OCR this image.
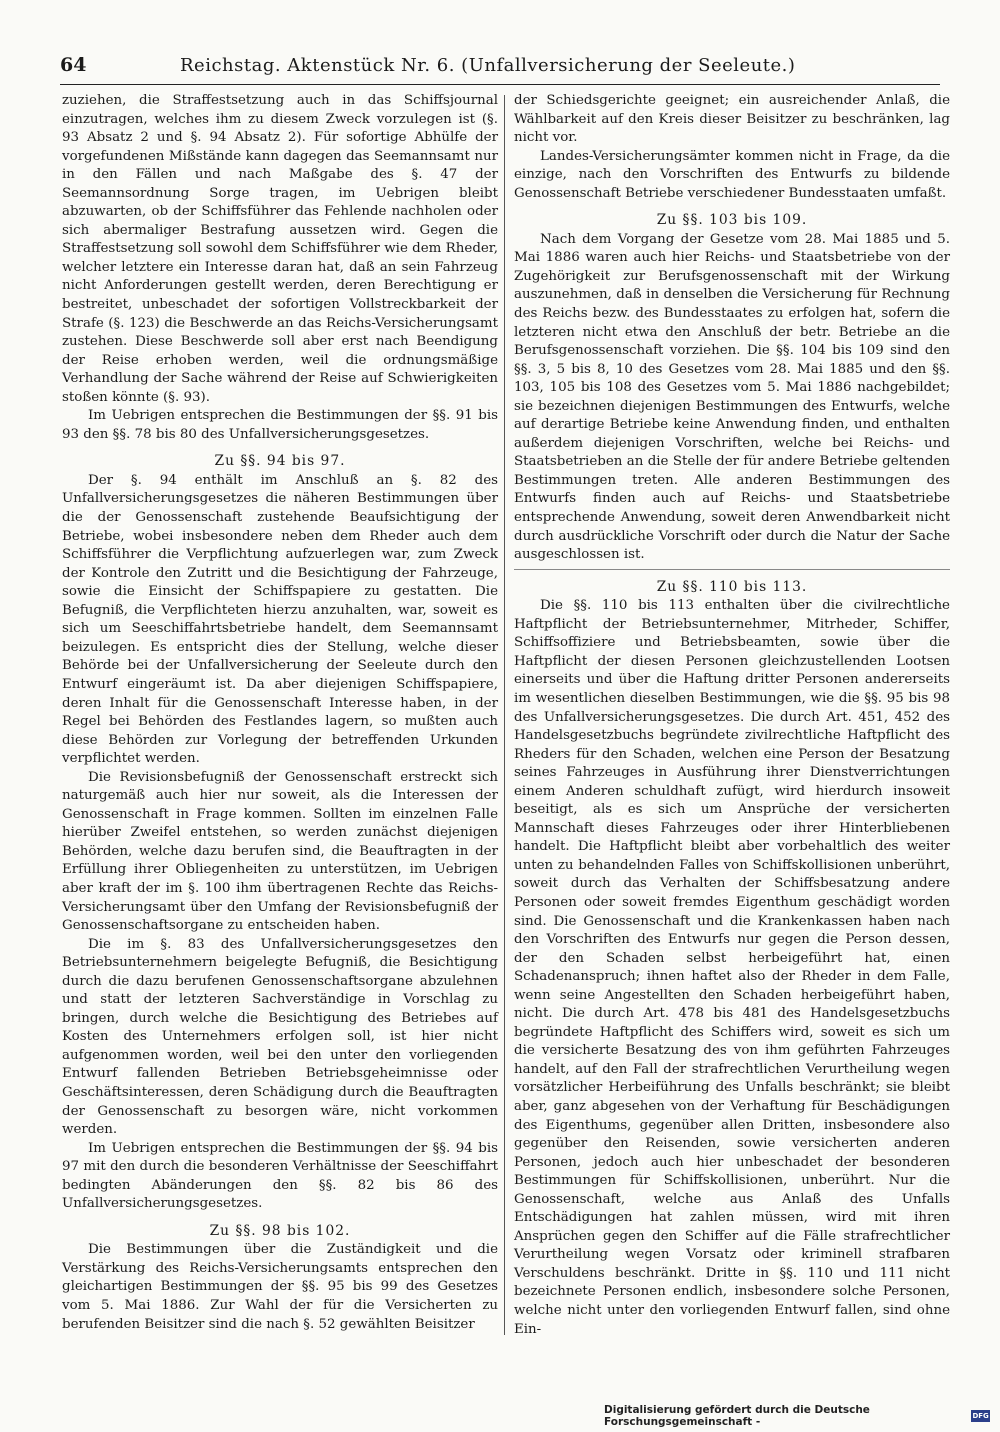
64	Reichstag. Aktenstück Nr. 6. (Unfallversicherung der Seeleute.)

zuziehen, die Straffestsetzung auch in das Schiffsjournal einzutragen, welches ihm zu diesem Zweck vorzulegen ist (§. 93 Absatz 2 und §. 94 Absatz 2). Für sofortige Abhülfe der vorgefundenen Mißstände kann dagegen das Seemannsamt nur in den Fällen und nach Maßgabe des §. 47 der Seemannsordnung Sorge tragen, im Uebrigen bleibt abzuwarten, ob der Schiffsführer das Fehlende nachholen oder sich abermaliger Bestrafung aussetzen wird. Gegen die Straffestsetzung soll sowohl dem Schiffsführer wie dem Rheder, welcher letztere ein Interesse daran hat, daß an sein Fahrzeug nicht Anforderungen gestellt werden, deren Berechtigung er bestreitet, unbeschadet der sofortigen Vollstreckbarkeit der Strafe (§. 123) die Beschwerde an das Reichs-Versicherungsamt zustehen. Diese Beschwerde soll aber erst nach Beendigung der Reise erhoben werden, weil die ordnungsmäßige Verhandlung der Sache während der Reise auf Schwierigkeiten stoßen könnte (§. 93).

Im Uebrigen entsprechen die Bestimmungen der §§. 91 bis 93 den §§. 78 bis 80 des Unfallversicherungsgesetzes.

Zu §§. 94 bis 97.

Der §. 94 enthält im Anschluß an §. 82 des Unfallversicherungsgesetzes die näheren Bestimmungen über die der Genossenschaft zustehende Beaufsichtigung der Betriebe, wobei insbesondere neben dem Rheder auch dem Schiffsführer die Verpflichtung aufzuerlegen war, zum Zweck der Kontrole den Zutritt und die Besichtigung der Fahrzeuge, sowie die Einsicht der Schiffspapiere zu gestatten. Die Befugniß, die Verpflichteten hierzu anzuhalten, war, soweit es sich um Seeschiffahrtsbetriebe handelt, dem Seemannsamt beizulegen. Es entspricht dies der Stellung, welche dieser Behörde bei der Unfallversicherung der Seeleute durch den Entwurf eingeräumt ist. Da aber diejenigen Schiffspapiere, deren Inhalt für die Genossenschaft Interesse haben, in der Regel bei Behörden des Festlandes lagern, so mußten auch diese Behörden zur Vorlegung der betreffenden Urkunden verpflichtet werden.

Die Revisionsbefugniß der Genossenschaft erstreckt sich naturgemäß auch hier nur soweit, als die Interessen der Genossenschaft in Frage kommen. Sollten im einzelnen Falle hierüber Zweifel entstehen, so werden zunächst diejenigen Behörden, welche dazu berufen sind, die Beauftragten in der Erfüllung ihrer Obliegenheiten zu unterstützen, im Uebrigen aber kraft der im §. 100 ihm übertragenen Rechte das Reichs-Versicherungsamt über den Umfang der Revisionsbefugniß der Genossenschaftsorgane zu entscheiden haben.

Die im §. 83 des Unfallversicherungsgesetzes den Betriebsunternehmern beigelegte Befugniß, die Besichtigung durch die dazu berufenen Genossenschaftsorgane abzulehnen und statt der letzteren Sachverständige in Vorschlag zu bringen, durch welche die Besichtigung des Betriebes auf Kosten des Unternehmers erfolgen soll, ist hier nicht aufgenommen worden, weil bei den unter den vorliegenden Entwurf fallenden Betrieben Betriebsgeheimnisse oder Geschäftsinteressen, deren Schädigung durch die Beauftragten der Genossenschaft zu besorgen wäre, nicht vorkommen werden.

Im Uebrigen entsprechen die Bestimmungen der §§. 94 bis 97 mit den durch die besonderen Verhältnisse der Seeschiffahrt bedingten Abänderungen den §§. 82 bis 86 des Unfallversicherungsgesetzes.

Zu §§. 98 bis 102.

Die Bestimmungen über die Zuständigkeit und die Verstärkung des Reichs-Versicherungsamts entsprechen den gleichartigen Bestimmungen der §§. 95 bis 99 des Gesetzes vom 5. Mai 1886. Zur Wahl der für die Versicherten zu berufenden Beisitzer sind die nach §. 52 gewählten Beisitzer

der Schiedsgerichte geeignet; ein ausreichender Anlaß, die Wählbarkeit auf den Kreis dieser Beisitzer zu beschränken, lag nicht vor.

Landes-Versicherungsämter kommen nicht in Frage, da die einzige, nach den Vorschriften des Entwurfs zu bildende Genossenschaft Betriebe verschiedener Bundesstaaten umfaßt.

Zu §§. 103 bis 109.

Nach dem Vorgang der Gesetze vom 28. Mai 1885 und 5. Mai 1886 waren auch hier Reichs- und Staatsbetriebe von der Zugehörigkeit zur Berufsgenossenschaft mit der Wirkung auszunehmen, daß in denselben die Versicherung für Rechnung des Reichs bezw. des Bundesstaates zu erfolgen hat, sofern die letzteren nicht etwa den Anschluß der betr. Betriebe an die Berufsgenossenschaft vorziehen. Die §§. 104 bis 109 sind den §§. 3, 5 bis 8, 10 des Gesetzes vom 28. Mai 1885 und den §§. 103, 105 bis 108 des Gesetzes vom 5. Mai 1886 nachgebildet; sie bezeichnen diejenigen Bestimmungen des Entwurfs, welche auf derartige Betriebe keine Anwendung finden, und enthalten außerdem diejenigen Vorschriften, welche bei Reichs- und Staatsbetrieben an die Stelle der für andere Betriebe geltenden Bestimmungen treten. Alle anderen Bestimmungen des Entwurfs finden auch auf Reichs- und Staatsbetriebe entsprechende Anwendung, soweit deren Anwendbarkeit nicht durch ausdrückliche Vorschrift oder durch die Natur der Sache ausgeschlossen ist.

Zu §§. 110 bis 113.

Die §§. 110 bis 113 enthalten über die civilrechtliche Haftpflicht der Betriebsunternehmer, Mitrheder, Schiffer, Schiffsoffiziere und Betriebsbeamten, sowie über die Haftpflicht der diesen Personen gleichzustellenden Lootsen einerseits und über die Haftung dritter Personen andererseits im wesentlichen dieselben Bestimmungen, wie die §§. 95 bis 98 des Unfallversicherungsgesetzes. Die durch Art. 451, 452 des Handelsgesetzbuchs begründete zivilrechtliche Haftpflicht des Rheders für den Schaden, welchen eine Person der Besatzung seines Fahrzeuges in Ausführung ihrer Dienstverrichtungen einem Anderen schuldhaft zufügt, wird hierdurch insoweit beseitigt, als es sich um Ansprüche der versicherten Mannschaft dieses Fahrzeuges oder ihrer Hinterbliebenen handelt. Die Haftpflicht bleibt aber vorbehaltlich des weiter unten zu behandelnden Falles von Schiffskollisionen unberührt, soweit durch das Verhalten der Schiffsbesatzung andere Personen oder soweit fremdes Eigenthum geschädigt worden sind. Die Genossenschaft und die Krankenkassen haben nach den Vorschriften des Entwurfs nur gegen die Person dessen, der den Schaden selbst herbeigeführt hat, einen Schadenanspruch; ihnen haftet also der Rheder in dem Falle, wenn seine Angestellten den Schaden herbeigeführt haben, nicht. Die durch Art. 478 bis 481 des Handelsgesetzbuchs begründete Haftpflicht des Schiffers wird, soweit es sich um die versicherte Besatzung des von ihm geführten Fahrzeuges handelt, auf den Fall der strafrechtlichen Verurtheilung wegen vorsätzlicher Herbeiführung des Unfalls beschränkt; sie bleibt aber, ganz abgesehen von der Verhaftung für Beschädigungen des Eigenthums, gegenüber allen Dritten, insbesondere also gegenüber den Reisenden, sowie versicherten anderen Personen, jedoch auch hier unbeschadet der besonderen Bestimmungen für Schiffskollisionen, unberührt. Nur die Genossenschaft, welche aus Anlaß des Unfalls Entschädigungen hat zahlen müssen, wird mit ihren Ansprüchen gegen den Schiffer auf die Fälle strafrechtlicher Verurtheilung wegen Vorsatz oder kriminell strafbaren Verschuldens beschränkt. Dritte in §§. 110 und 111 nicht bezeichnete Personen endlich, insbesondere solche Personen, welche nicht unter den vorliegenden Entwurf fallen, sind ohne Ein-

Digitalisierung gefördert durch die Deutsche Forschungsgemeinschaft -	DFG
